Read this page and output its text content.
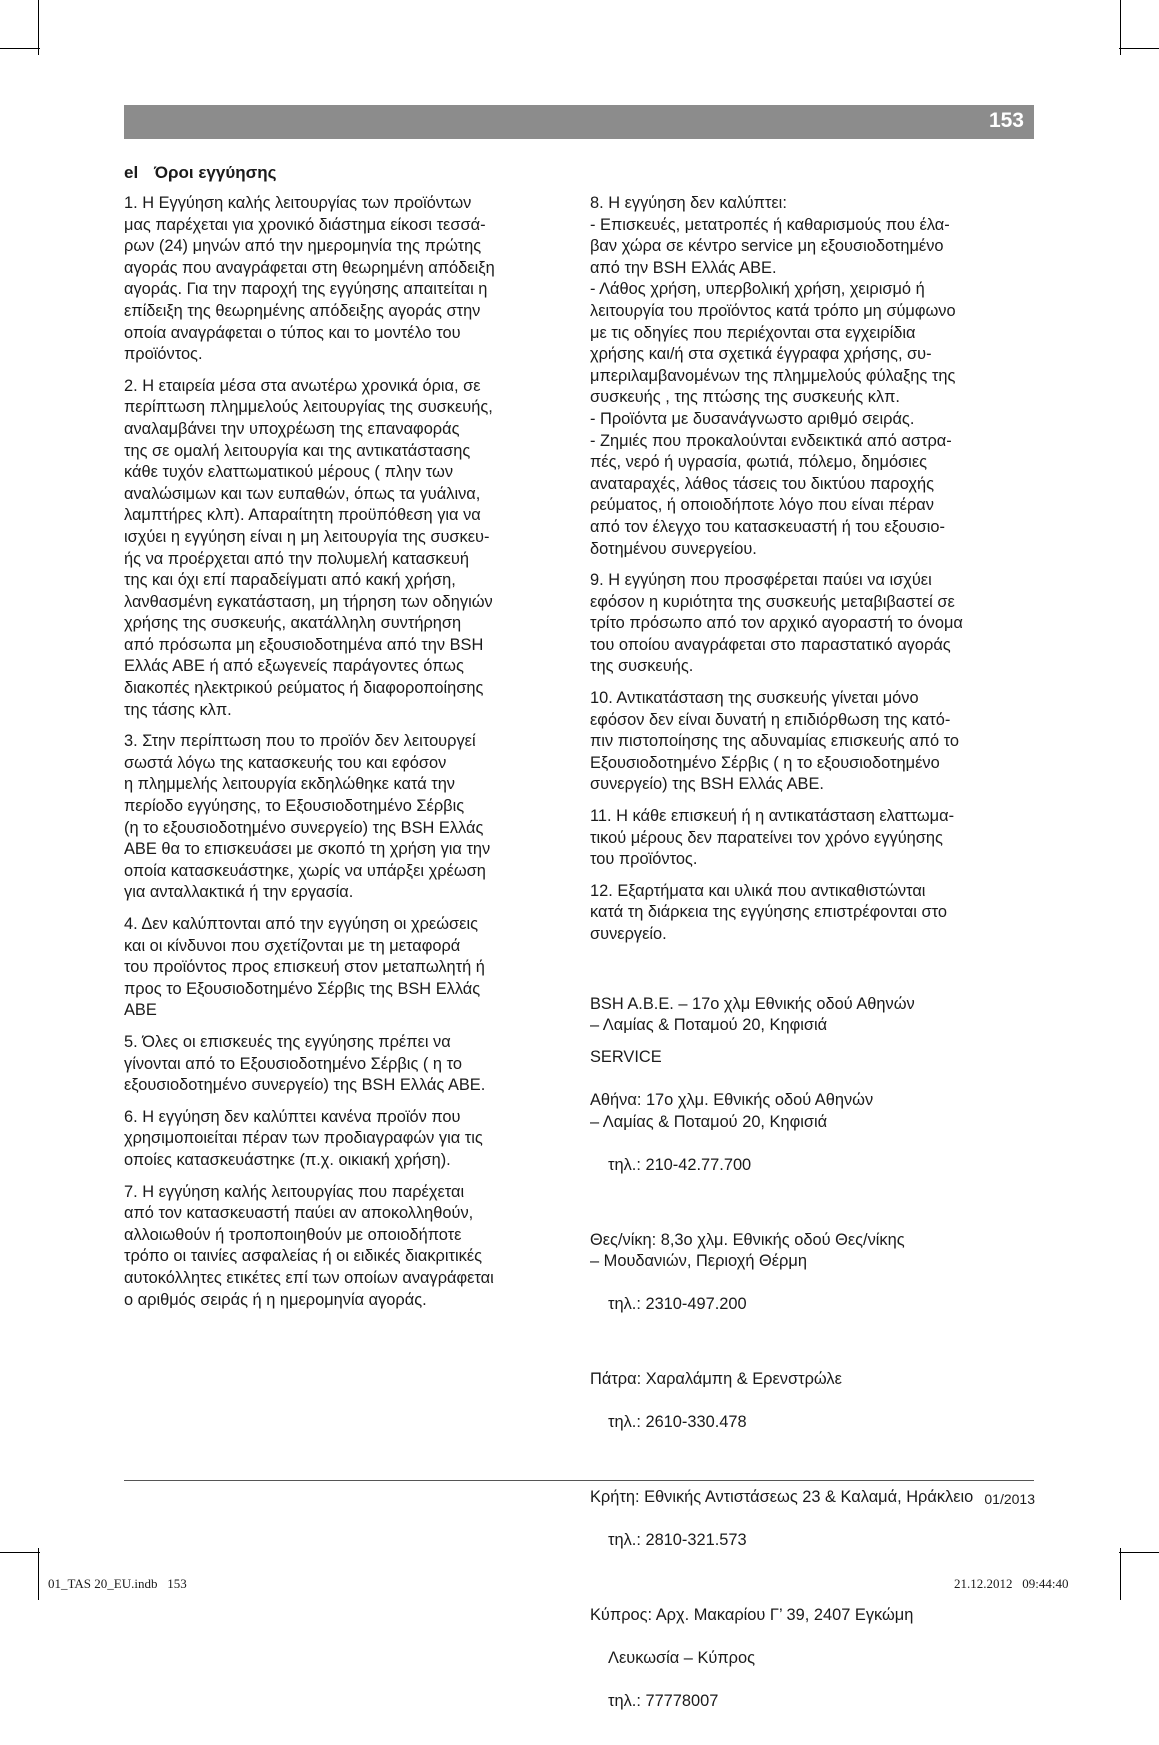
153
el Όροι εγγύησης

1. Η Εγγύηση καλής λειτουργίας των προϊόντων
μας παρέχεται για χρονικό διάστημα είκοσι τεσσά-
ρων (24) μηνών από την ημερομηνία της πρώτης
αγοράς που αναγράφεται στη θεωρημένη απόδειξη
αγοράς. Για την παροχή της εγγύησης απαιτείται η
επίδειξη της θεωρημένης απόδειξης αγοράς στην
οποία αναγράφεται ο τύπος και το μοντέλο του
προϊόντος.

2. Η εταιρεία μέσα στα ανωτέρω χρονικά όρια, σε
περίπτωση πλημμελούς λειτουργίας της συσκευής,
αναλαμβάνει την υποχρέωση της επαναφοράς
της σε ομαλή λειτουργία και της αντικατάστασης
κάθε τυχόν ελαττωματικού μέρους ( πλην των
αναλώσιμων και των ευπαθών, όπως τα γυάλινα,
λαμπτήρες κλπ). Απαραίτητη προϋπόθεση για να
ισχύει η εγγύηση είναι η μη λειτουργία της συσκευ-
ής να προέρχεται από την πολυμελή κατασκευή
της και όχι επί παραδείγματι από κακή χρήση,
λανθασμένη εγκατάσταση, μη τήρηση των οδηγιών
χρήσης της συσκευής, ακατάλληλη συντήρηση
από πρόσωπα μη εξουσιοδοτημένα από την BSH
Ελλάς ΑΒΕ ή από εξωγενείς παράγοντες όπως
διακοπές ηλεκτρικού ρεύματος ή διαφοροποίησης
της τάσης κλπ.

3. Στην περίπτωση που το προϊόν δεν λειτουργεί
σωστά λόγω της κατασκευής του και εφόσον
η πλημμελής λειτουργία εκδηλώθηκε κατά την
περίοδο εγγύησης, το Εξουσιοδοτημένο Σέρβις
(η το εξουσιοδοτημένο συνεργείο) της BSH Ελλάς
ΑΒΕ θα το επισκευάσει με σκοπό τη χρήση για την
οποία κατασκευάστηκε, χωρίς να υπάρξει χρέωση
για ανταλλακτικά ή την εργασία.

4. Δεν καλύπτονται από την εγγύηση οι χρεώσεις
και οι κίνδυνοι που σχετίζονται με τη μεταφορά
του προϊόντος προς επισκευή στον μεταπωλητή ή
προς το Εξουσιοδοτημένο Σέρβις της BSH Ελλάς
ΑΒΕ

5. Όλες οι επισκευές της εγγύησης πρέπει να
γίνονται από το Εξουσιοδοτημένο Σέρβις ( η το
εξουσιοδοτημένο συνεργείο) της BSH Ελλάς ΑΒΕ.

6. Η εγγύηση δεν καλύπτει κανένα προϊόν που
χρησιμοποιείται πέραν των προδιαγραφών για τις
οποίες κατασκευάστηκε (π.χ. οικιακή χρήση).

7. Η εγγύηση καλής λειτουργίας που παρέχεται
από τον κατασκευαστή παύει αν αποκολληθούν,
αλλοιωθούν ή τροποποιηθούν με οποιοδήποτε
τρόπο οι ταινίες ασφαλείας ή οι ειδικές διακριτικές
αυτοκόλλητες ετικέτες επί των οποίων αναγράφεται
ο αριθμός σειράς ή η ημερομηνία αγοράς.

8. Η εγγύηση δεν καλύπτει:
- Επισκευές, μετατροπές ή καθαρισμούς που έλα-
βαν χώρα σε κέντρο service μη εξουσιοδοτημένο
από την BSH Ελλάς ΑΒΕ.
- Λάθος χρήση, υπερβολική χρήση, χειρισμό ή
λειτουργία του προϊόντος κατά τρόπο μη σύμφωνο
με τις οδηγίες που περιέχονται στα εγχειρίδια
χρήσης και/ή στα σχετικά έγγραφα χρήσης, συ-
μπεριλαμβανομένων της πλημμελούς φύλαξης της
συσκευής , της πτώσης της συσκευής κλπ.
- Προϊόντα με δυσανάγνωστο αριθμό σειράς.
- Ζημιές που προκαλούνται ενδεικτικά από αστρα-
πές, νερό ή υγρασία, φωτιά, πόλεμο, δημόσιες
αναταραχές, λάθος τάσεις του δικτύου παροχής
ρεύματος, ή οποιοδήποτε λόγο που είναι πέραν
από τον έλεγχο του κατασκευαστή ή του εξουσιο-
δοτημένου συνεργείου.

9. Η εγγύηση που προσφέρεται παύει να ισχύει
εφόσον η κυριότητα της συσκευής μεταβιβαστεί σε
τρίτο πρόσωπο από τον αρχικό αγοραστή το όνομα
του οποίου αναγράφεται στο παραστατικό αγοράς
της συσκευής.

10. Αντικατάσταση της συσκευής γίνεται μόνο
εφόσον δεν είναι δυνατή η επιδιόρθωση της κατό-
πιν πιστοποίησης της αδυναμίας επισκευής από το
Εξουσιοδοτημένο Σέρβις ( η το εξουσιοδοτημένο
συνεργείο) της BSH Ελλάς ΑΒΕ.

11. Η κάθε επισκευή ή η αντικατάσταση ελαττωμα-
τικού μέρους δεν παρατείνει τον χρόνο εγγύησης
του προϊόντος.

12. Εξαρτήματα και υλικά που αντικαθιστώνται
κατά τη διάρκεια της εγγύησης επιστρέφονται στο
συνεργείο.

BSH A.B.E. – 17ο χλμ Εθνικής οδού Αθηνών
– Λαμίας & Ποταμού 20, Κηφισιά

SERVICE

Αθήνα: 17ο χλμ. Εθνικής οδού Αθηνών
– Λαμίας & Ποταμού 20, Κηφισιά

τηλ.: 210-42.77.700

Θες/νίκη: 8,3ο χλμ. Εθνικής οδού Θες/νίκης
– Μουδανιών, Περιοχή Θέρμη

τηλ.: 2310-497.200

Πάτρα: Χαραλάμπη & Ερενστρώλε

τηλ.: 2610-330.478

Κρήτη: Εθνικής Αντιστάσεως 23 & Καλαμά, Ηράκλειο

τηλ.: 2810-321.573

Κύπρος: Αρχ. Μακαρίου Γ’ 39, 2407 Εγκώμη

Λευκωσία – Κύπρος

τηλ.: 77778007

01/2013
01_TAS 20_EU.indb   153	21.12.2012   09:44:40
